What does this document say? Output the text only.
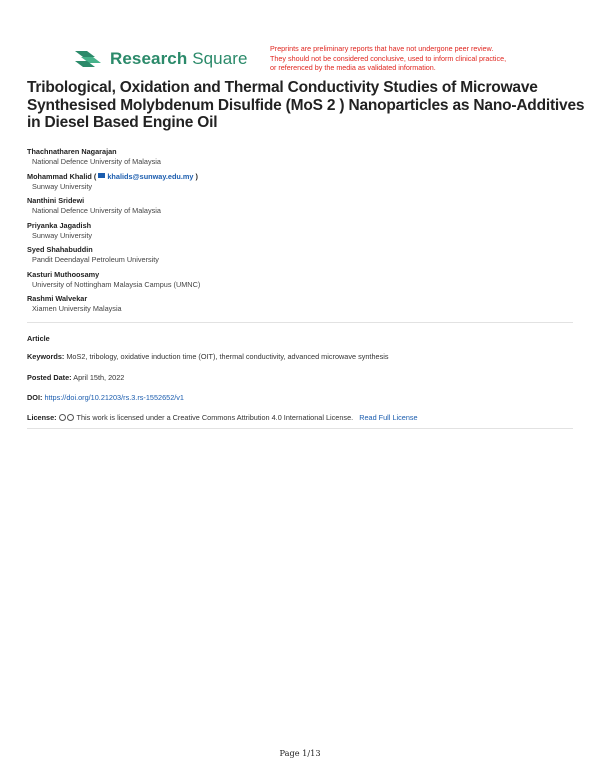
Research Square
Preprints are preliminary reports that have not undergone peer review.
They should not be considered conclusive, used to inform clinical practice,
or referenced by the media as validated information.
Tribological, Oxidation and Thermal Conductivity Studies of Microwave
Synthesised Molybdenum Disulfide (MoS 2 ) Nanoparticles as Nano-Additives
in Diesel Based Engine Oil
Thachnatharen Nagarajan
National Defence University of Malaysia
Mohammad Khalid ( khalids@sunway.edu.my )
Sunway University
Nanthini Sridewi
National Defence University of Malaysia
Priyanka Jagadish
Sunway University
Syed Shahabuddin
Pandit Deendayal Petroleum University
Kasturi Muthoosamy
University of Nottingham Malaysia Campus (UMNC)
Rashmi Walvekar
Xiamen University Malaysia
Article
Keywords: MoS2, tribology, oxidative induction time (OIT), thermal conductivity, advanced microwave synthesis
Posted Date: April 15th, 2022
DOI: https://doi.org/10.21203/rs.3.rs-1552652/v1
License:	This work is licensed under a Creative Commons Attribution 4.0 International License. Read Full License
Page 1/13
